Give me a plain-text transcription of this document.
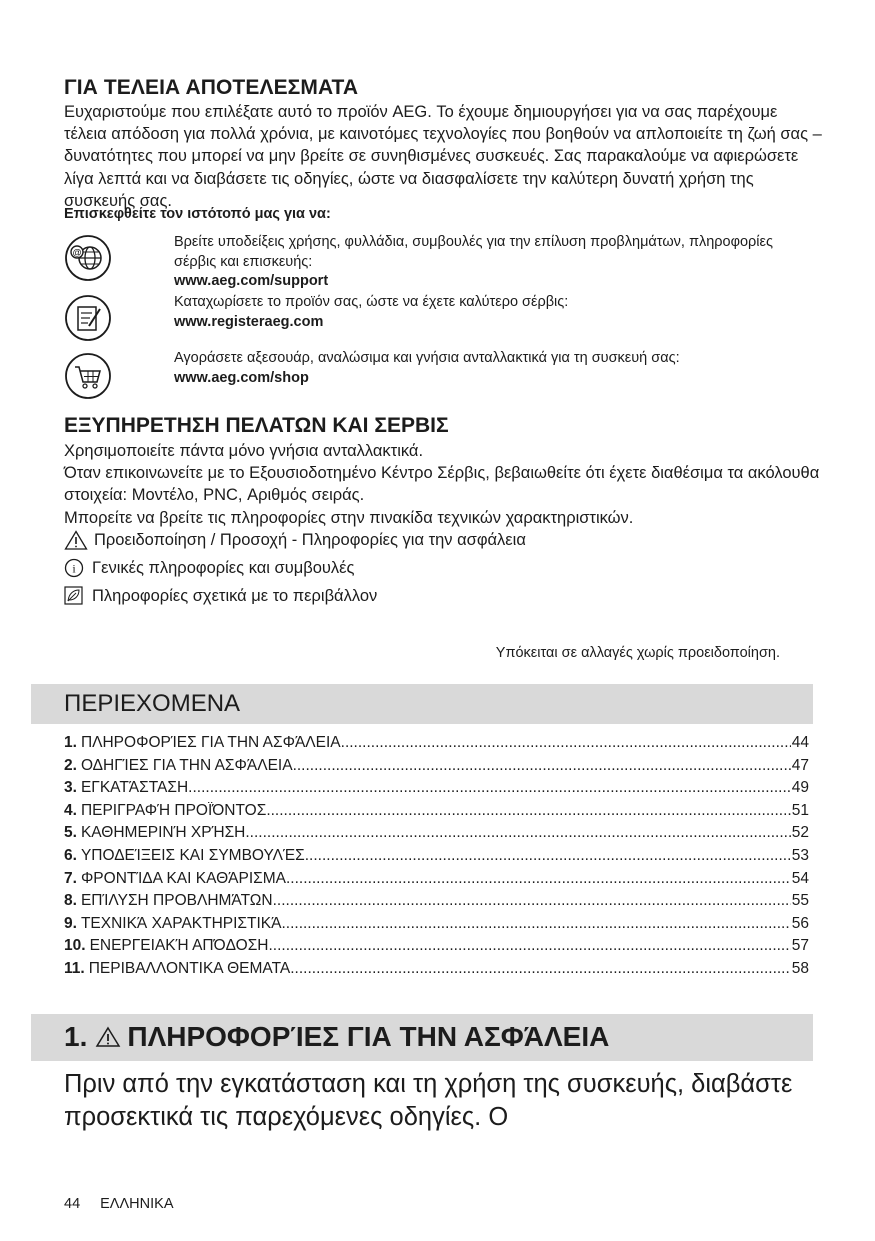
ΓΙΑ ΤΕΛΕΙΑ ΑΠΟΤΕΛΕΣΜΑΤΑ
Ευχαριστούμε που επιλέξατε αυτό το προϊόν AEG. Το έχουμε δημιουργήσει για να σας παρέχουμε τέλεια απόδοση για πολλά χρόνια, με καινοτόμες τεχνολογίες που βοηθούν να απλοποιείτε τη ζωή σας – δυνατότητες που μπορεί να μην βρείτε σε συνηθισμένες συσκευές. Σας παρακαλούμε να αφιερώσετε λίγα λεπτά και να διαβάσετε τις οδηγίες, ώστε να διασφαλίσετε την καλύτερη δυνατή χρήση της συσκευής σας.
Επισκεφθείτε τον ιστότοπό μας για να:
@
Βρείτε υποδείξεις χρήσης, φυλλάδια, συμβουλές για την επίλυση προβλημάτων, πληροφορίες σέρβις και επισκευής:
www.aeg.com/support
Καταχωρίσετε το προϊόν σας, ώστε να έχετε καλύτερο σέρβις:
www.registeraeg.com
Αγοράσετε αξεσουάρ, αναλώσιμα και γνήσια ανταλλακτικά για τη συσκευή σας:
www.aeg.com/shop
ΕΞΥΠΗΡΕΤΗΣΗ ΠΕΛΑΤΩΝ ΚΑΙ ΣΕΡΒΙΣ
Χρησιμοποιείτε πάντα μόνο γνήσια ανταλλακτικά.
Όταν επικοινωνείτε με το Εξουσιοδοτημένο Κέντρο Σέρβις, βεβαιωθείτε ότι έχετε διαθέσιμα τα ακόλουθα στοιχεία: Μοντέλο, PNC, Αριθμός σειράς.
Μπορείτε να βρείτε τις πληροφορίες στην πινακίδα τεχνικών χαρακτηριστικών.
Προειδοποίηση / Προσοχή - Πληροφορίες για την ασφάλεια
i Γενικές πληροφορίες και συμβουλές
Πληροφορίες σχετικά με το περιβάλλον
Υπόκειται σε αλλαγές χωρίς προειδοποίηση.
ΠΕΡΙΕΧΟΜΕΝΑ
1. ΠΛΗΡΟΦΟΡΊΕΣ ΓΙΑ ΤΗΝ ΑΣΦΆΛΕΙΑ .....	44
2. ΟΔΗΓΊΕΣ ΓΙΑ ΤΗΝ ΑΣΦΆΛΕΙΑ .....	47
3. ΕΓΚΑΤΆΣΤΑΣΗ .....	49
4. ΠΕΡΙΓΡΑΦΉ ΠΡΟΪΌΝΤΟΣ .....	51
5. ΚΑΘΗΜΕΡΙΝΉ ΧΡΉΣΗ .....	52
6. ΥΠΟΔΕΊΞΕΙΣ ΚΑΙ ΣΥΜΒΟΥΛΈΣ .....	53
7. ΦΡΟΝΤΊΔΑ ΚΑΙ ΚΑΘΆΡΙΣΜΑ .....	54
8. ΕΠΊΛΥΣΗ ΠΡΟΒΛΗΜΆΤΩΝ .....	55
9. ΤΕΧΝΙΚΆ ΧΑΡΑΚΤΗΡΙΣΤΙΚΆ .....	56
10. ΕΝΕΡΓΕΙΑΚΉ ΑΠΌΔΟΣΗ .....	57
11. ΠΕΡΙΒΑΛΛΟΝΤΙΚΑ ΘΕΜΑΤΑ .....	58
1. ΠΛΗΡΟΦΟΡΊΕΣ ΓΙΑ ΤΗΝ ΑΣΦΆΛΕΙΑ
Πριν από την εγκατάσταση και τη χρήση της συσκευής, διαβάστε προσεκτικά τις παρεχόμενες οδηγίες. Ο
44 ΕΛΛΗΝΙΚΑ
